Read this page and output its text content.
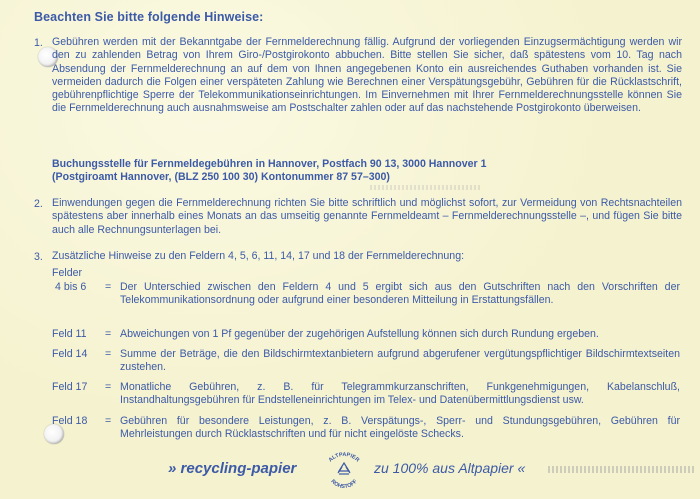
Beachten Sie bitte folgende Hinweise:
1. Gebühren werden mit der Bekanntgabe der Fernmelderechnung fällig. Aufgrund der vorliegenden Einzugsermächtigung werden wir den zu zahlenden Betrag von Ihrem Giro-/Postgirokonto abbuchen. Bitte stellen Sie sicher, daß spätestens vom 10. Tag nach Absendung der Fernmelderechnung an auf dem von Ihnen angegebenen Konto ein ausreichendes Guthaben vorhanden ist. Sie vermeiden dadurch die Folgen einer verspäteten Zahlung wie Berechnen einer Verspätungsgebühr, Gebühren für die Rücklastschrift, gebührenpflichtige Sperre der Telekommunikationseinrichtungen. Im Einvernehmen mit Ihrer Fernmelderechnungsstelle können Sie die Fernmelderechnung auch ausnahmsweise am Postschalter zahlen oder auf das nachstehende Postgirokonto überweisen.
Buchungsstelle für Fernmeldegebühren in Hannover, Postfach 90 13, 3000 Hannover 1
(Postgiroamt Hannover, (BLZ 250 100 30) Kontonummer 87 57–300)
2. Einwendungen gegen die Fernmelderechnung richten Sie bitte schriftlich und möglichst sofort, zur Vermeidung von Rechtsnachteilen spätestens aber innerhalb eines Monats an das umseitig genannte Fernmeldeamt – Fernmelderechnungsstelle –, und fügen Sie bitte auch alle Rechnungsunterlagen bei.
3. Zusätzliche Hinweise zu den Feldern 4, 5, 6, 11, 14, 17 und 18 der Fernmelderechnung:
Felder
4 bis 6 = Der Unterschied zwischen den Feldern 4 und 5 ergibt sich aus den Gutschriften nach den Vorschriften der Telekommunikationsordnung oder aufgrund einer besonderen Mitteilung in Erstattungsfällen.
Feld 11 = Abweichungen von 1 Pf gegenüber der zugehörigen Aufstellung können sich durch Rundung ergeben.
Feld 14 = Summe der Beträge, die den Bildschirmtextanbietern aufgrund abgerufener vergütungspflichtiger Bildschirmtextseiten zustehen.
Feld 17 = Monatliche Gebühren, z. B. für Telegrammkurzanschriften, Funkgenehmigungen, Kabelanschluß, Instandhaltungsgebühren für Endstelleneinrichtungen im Telex- und Datenübermittlungsdienst usw.
Feld 18 = Gebühren für besondere Leistungen, z. B. Verspätungs-, Sperr- und Stundungsgebühren, Gebühren für Mehrleistungen durch Rücklastschriften und für nicht eingelöste Schecks.
» recycling-papier
ALTPAPIER
ROHSTOFF
zu 100% aus Altpapier «
